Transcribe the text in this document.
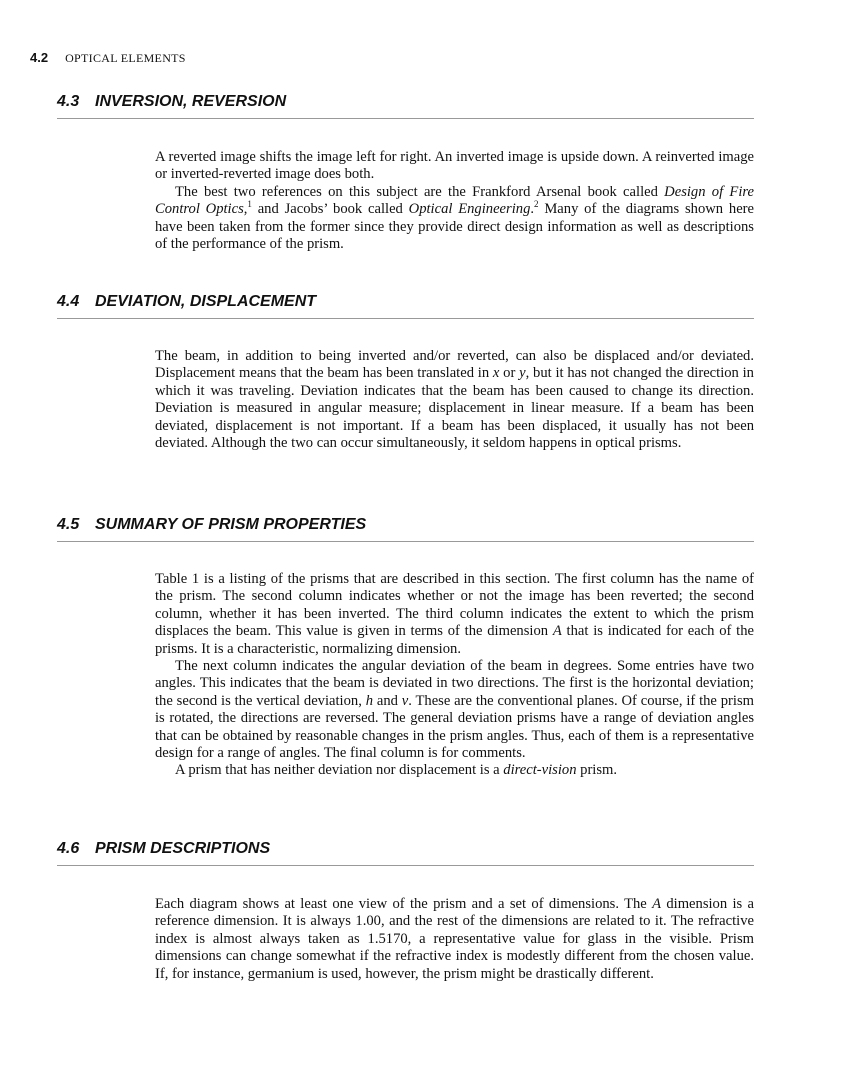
4.2 OPTICAL ELEMENTS
4.3 INVERSION, REVERSION

A reverted image shifts the image left for right. An inverted image is upside down. A reinverted image or inverted-reverted image does both.

The best two references on this subject are the Frankford Arsenal book called Design of Fire Control Optics,$^1$ and Jacobs’ book called Optical Engineering.$^2$ Many of the diagrams shown here have been taken from the former since they provide direct design information as well as descriptions of the performance of the prism.

4.4 DEVIATION, DISPLACEMENT

The beam, in addition to being inverted and/or reverted, can also be displaced and/or deviated. Displacement means that the beam has been translated in x or y, but it has not changed the direction in which it was traveling. Deviation indicates that the beam has been caused to change its direction. Deviation is measured in angular measure; displacement in linear measure. If a beam has been deviated, displacement is not important. If a beam has been displaced, it usually has not been deviated. Although the two can occur simultaneously, it seldom happens in optical prisms.

4.5 SUMMARY OF PRISM PROPERTIES

Table 1 is a listing of the prisms that are described in this section. The first column has the name of the prism. The second column indicates whether or not the image has been reverted; the second column, whether it has been inverted. The third column indicates the extent to which the prism displaces the beam. This value is given in terms of the dimension A that is indicated for each of the prisms. It is a characteristic, normalizing dimension.

The next column indicates the angular deviation of the beam in degrees. Some entries have two angles. This indicates that the beam is deviated in two directions. The first is the horizontal deviation; the second is the vertical deviation, h and v. These are the conventional planes. Of course, if the prism is rotated, the directions are reversed. The general deviation prisms have a range of deviation angles that can be obtained by reasonable changes in the prism angles. Thus, each of them is a representative design for a range of angles. The final column is for comments.

A prism that has neither deviation nor displacement is a direct-vision prism.

4.6 PRISM DESCRIPTIONS

Each diagram shows at least one view of the prism and a set of dimensions. The A dimension is a reference dimension. It is always 1.00, and the rest of the dimensions are related to it. The refractive index is almost always taken as 1.5170, a representative value for glass in the visible. Prism dimensions can change somewhat if the refractive index is modestly different from the chosen value. If, for instance, germanium is used, however, the prism might be drastically different.
